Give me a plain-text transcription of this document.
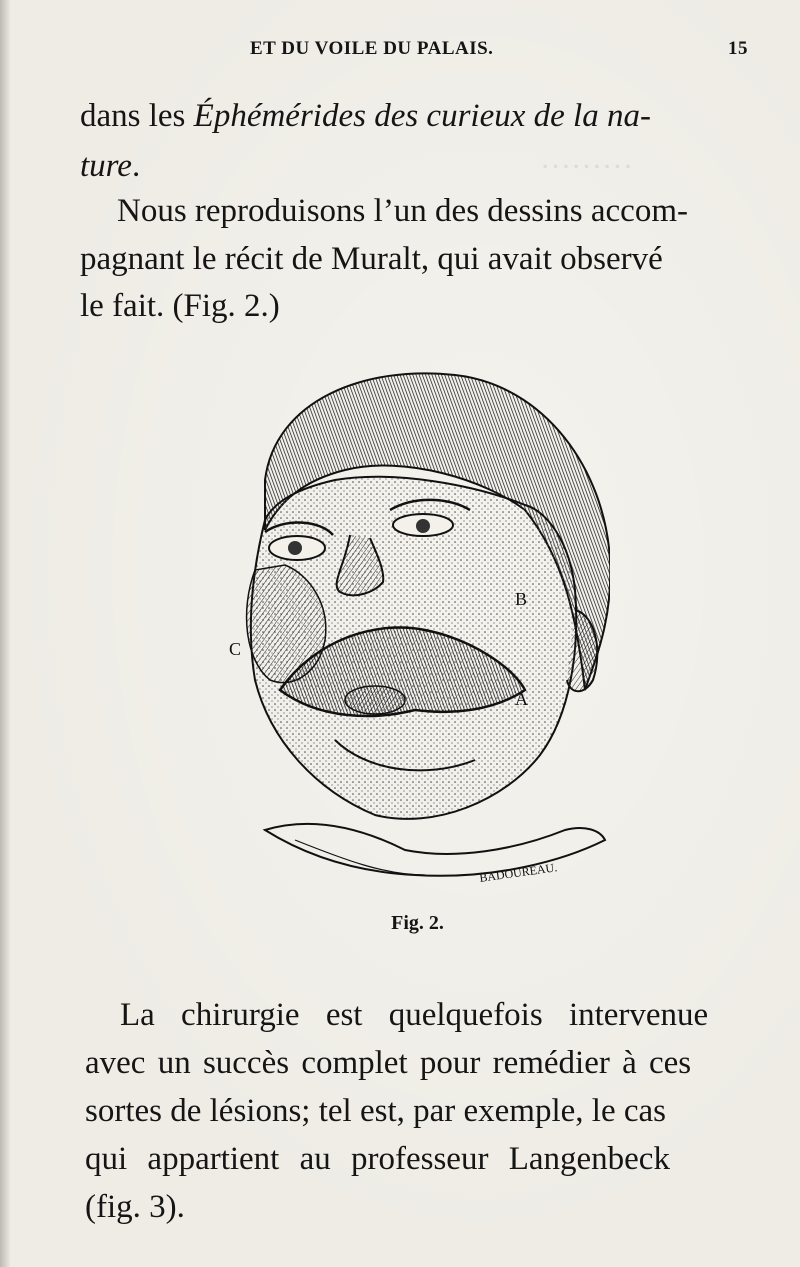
………
ET DU VOILE DU PALAIS.	15
dans les Éphémérides des curieux de la na-
ture.
Nous reproduisons l’un des dessins accom-
pagnant le récit de Muralt, qui avait observé
le fait. (Fig. 2.)
B
C
A
BADOUREAU.
Fig. 2.
La chirurgie est quelquefois intervenue
avec un succès complet pour remédier à ces
sortes de lésions; tel est, par exemple, le cas
qui appartient au professeur Langenbeck
(fig. 3).
